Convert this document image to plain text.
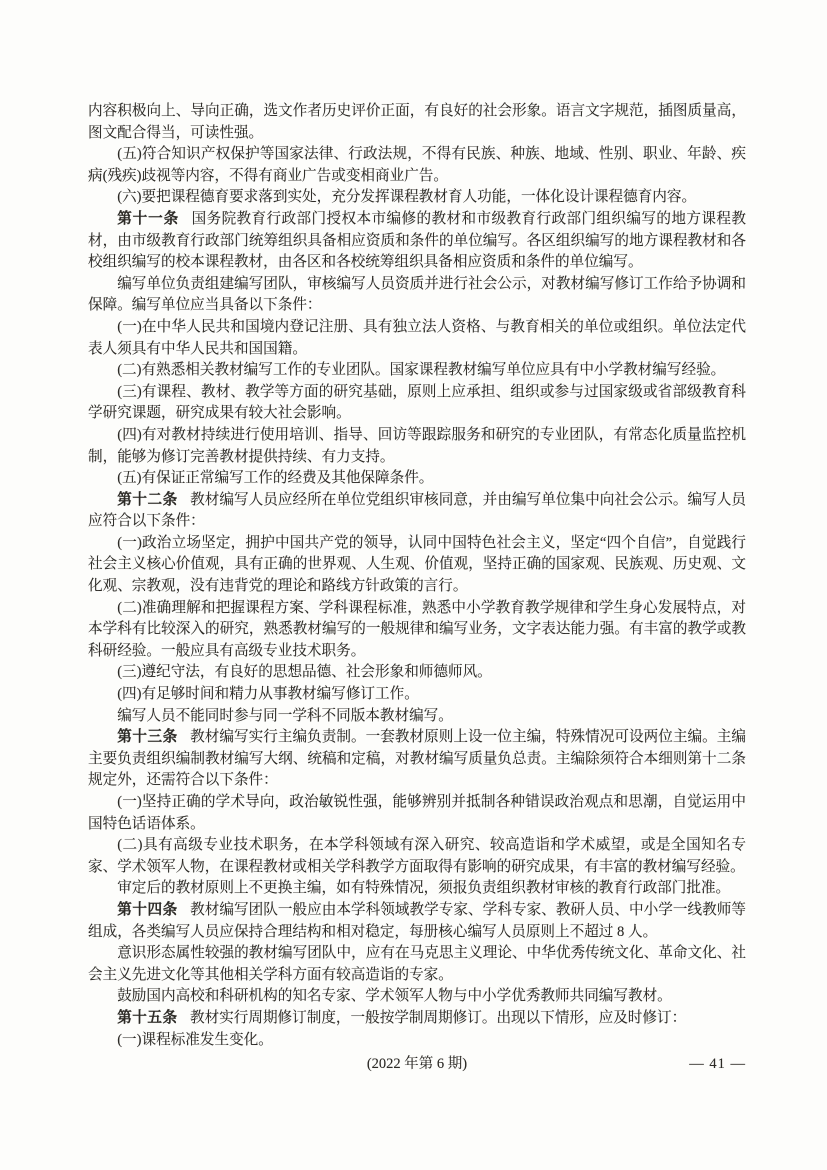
内容积极向上、导向正确，选文作者历史评价正面，有良好的社会形象。语言文字规范，插图质量高，图文配合得当，可读性强。

(五)符合知识产权保护等国家法律、行政法规，不得有民族、种族、地域、性别、职业、年龄、疾病(残疾)歧视等内容，不得有商业广告或变相商业广告。

(六)要把课程德育要求落到实处，充分发挥课程教材育人功能，一体化设计课程德育内容。

第十一条 国务院教育行政部门授权本市编修的教材和市级教育行政部门组织编写的地方课程教材，由市级教育行政部门统筹组织具备相应资质和条件的单位编写。各区组织编写的地方课程教材和各校组织编写的校本课程教材，由各区和各校统筹组织具备相应资质和条件的单位编写。

编写单位负责组建编写团队，审核编写人员资质并进行社会公示，对教材编写修订工作给予协调和保障。编写单位应当具备以下条件：

(一)在中华人民共和国境内登记注册、具有独立法人资格、与教育相关的单位或组织。单位法定代表人须具有中华人民共和国国籍。

(二)有熟悉相关教材编写工作的专业团队。国家课程教材编写单位应具有中小学教材编写经验。

(三)有课程、教材、教学等方面的研究基础，原则上应承担、组织或参与过国家级或省部级教育科学研究课题，研究成果有较大社会影响。

(四)有对教材持续进行使用培训、指导、回访等跟踪服务和研究的专业团队，有常态化质量监控机制，能够为修订完善教材提供持续、有力支持。

(五)有保证正常编写工作的经费及其他保障条件。

第十二条 教材编写人员应经所在单位党组织审核同意，并由编写单位集中向社会公示。编写人员应符合以下条件：

(一)政治立场坚定，拥护中国共产党的领导，认同中国特色社会主义，坚定“四个自信”，自觉践行社会主义核心价值观，具有正确的世界观、人生观、价值观，坚持正确的国家观、民族观、历史观、文化观、宗教观，没有违背党的理论和路线方针政策的言行。

(二)准确理解和把握课程方案、学科课程标准，熟悉中小学教育教学规律和学生身心发展特点，对本学科有比较深入的研究，熟悉教材编写的一般规律和编写业务，文字表达能力强。有丰富的教学或教科研经验。一般应具有高级专业技术职务。

(三)遵纪守法，有良好的思想品德、社会形象和师德师风。

(四)有足够时间和精力从事教材编写修订工作。

编写人员不能同时参与同一学科不同版本教材编写。

第十三条 教材编写实行主编负责制。一套教材原则上设一位主编，特殊情况可设两位主编。主编主要负责组织编制教材编写大纲、统稿和定稿，对教材编写质量负总责。主编除须符合本细则第十二条规定外，还需符合以下条件：

(一)坚持正确的学术导向，政治敏锐性强，能够辨别并抵制各种错误政治观点和思潮，自觉运用中国特色话语体系。

(二)具有高级专业技术职务，在本学科领域有深入研究、较高造诣和学术威望，或是全国知名专家、学术领军人物，在课程教材或相关学科教学方面取得有影响的研究成果，有丰富的教材编写经验。

审定后的教材原则上不更换主编，如有特殊情况，须报负责组织教材审核的教育行政部门批准。

第十四条 教材编写团队一般应由本学科领域教学专家、学科专家、教研人员、中小学一线教师等组成，各类编写人员应保持合理结构和相对稳定，每册核心编写人员原则上不超过 8 人。

意识形态属性较强的教材编写团队中，应有在马克思主义理论、中华优秀传统文化、革命文化、社会主义先进文化等其他相关学科方面有较高造诣的专家。

鼓励国内高校和科研机构的知名专家、学术领军人物与中小学优秀教师共同编写教材。

第十五条 教材实行周期修订制度，一般按学制周期修订。出现以下情形，应及时修订：

(一)课程标准发生变化。

(2022 年第 6 期)	— 41 —
